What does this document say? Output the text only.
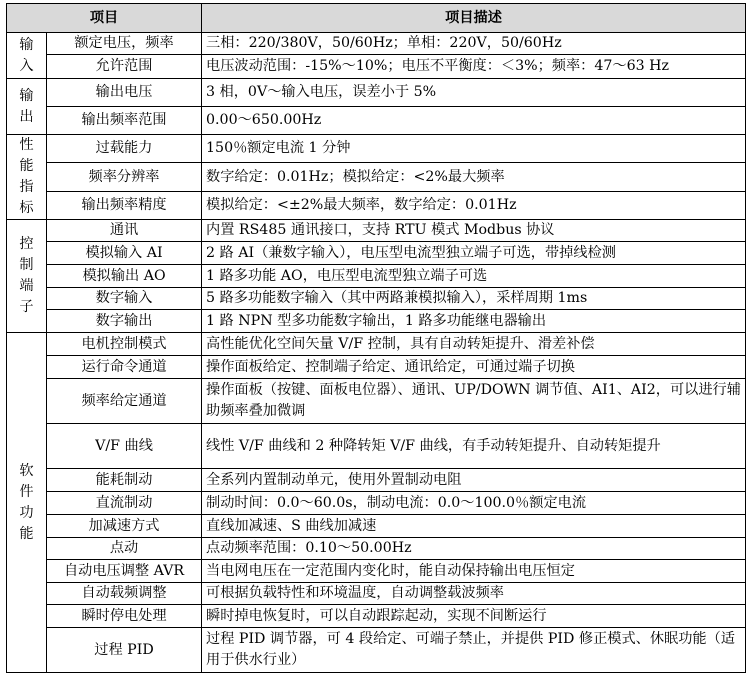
项目		项目描述
输入	额定电压，频率	三相：220/380V，50/60Hz；单相：220V，50/60Hz
	允许范围	电压波动范围：-15%～10%；电压不平衡度：＜3%；频率：47～63 Hz
输出	输出电压	3 相，0V～输入电压，误差小于 5%
	输出频率范围	0.00～650.00Hz
性能指标	过载能力	150％额定电流 1 分钟
	频率分辨率	数字给定：0.01Hz；模拟给定：<2%最大频率
	输出频率精度	模拟给定：<±2%最大频率，数字给定：0.01Hz
控制端子	通讯	内置 RS485 通讯接口，支持 RTU 模式 Modbus 协议
	模拟输入 AI	2 路 AI（兼数字输入），电压型电流型独立端子可选，带掉线检测
	模拟输出 AO	1 路多功能 AO，电压型电流型独立端子可选
	数字输入	5 路多功能数字输入（其中两路兼模拟输入），采样周期 1ms
	数字输出	1 路 NPN 型多功能数字输出，1 路多功能继电器输出
软件功能	电机控制模式	高性能优化空间矢量 V/F 控制，具有自动转矩提升、滑差补偿
	运行命令通道	操作面板给定、控制端子给定、通讯给定，可通过端子切换
	频率给定通道	操作面板（按键、面板电位器）、通讯、UP/DOWN 调节值、AI1、AI2，可以进行辅助频率叠加微调
	V/F 曲线	线性 V/F 曲线和 2 种降转矩 V/F 曲线，有手动转矩提升、自动转矩提升
	能耗制动	全系列内置制动单元，使用外置制动电阻
	直流制动	制动时间：0.0～60.0s，制动电流：0.0～100.0％额定电流
	加减速方式	直线加减速、S 曲线加减速
	点动	点动频率范围：0.10～50.00Hz
	自动电压调整 AVR	当电网电压在一定范围内变化时，能自动保持输出电压恒定
	自动载频调整	可根据负载特性和环境温度，自动调整载波频率
	瞬时停电处理	瞬时掉电恢复时，可以自动跟踪起动，实现不间断运行
	过程 PID	过程 PID 调节器，可 4 段给定、可端子禁止，并提供 PID 修正模式、休眠功能（适用于供水行业）
